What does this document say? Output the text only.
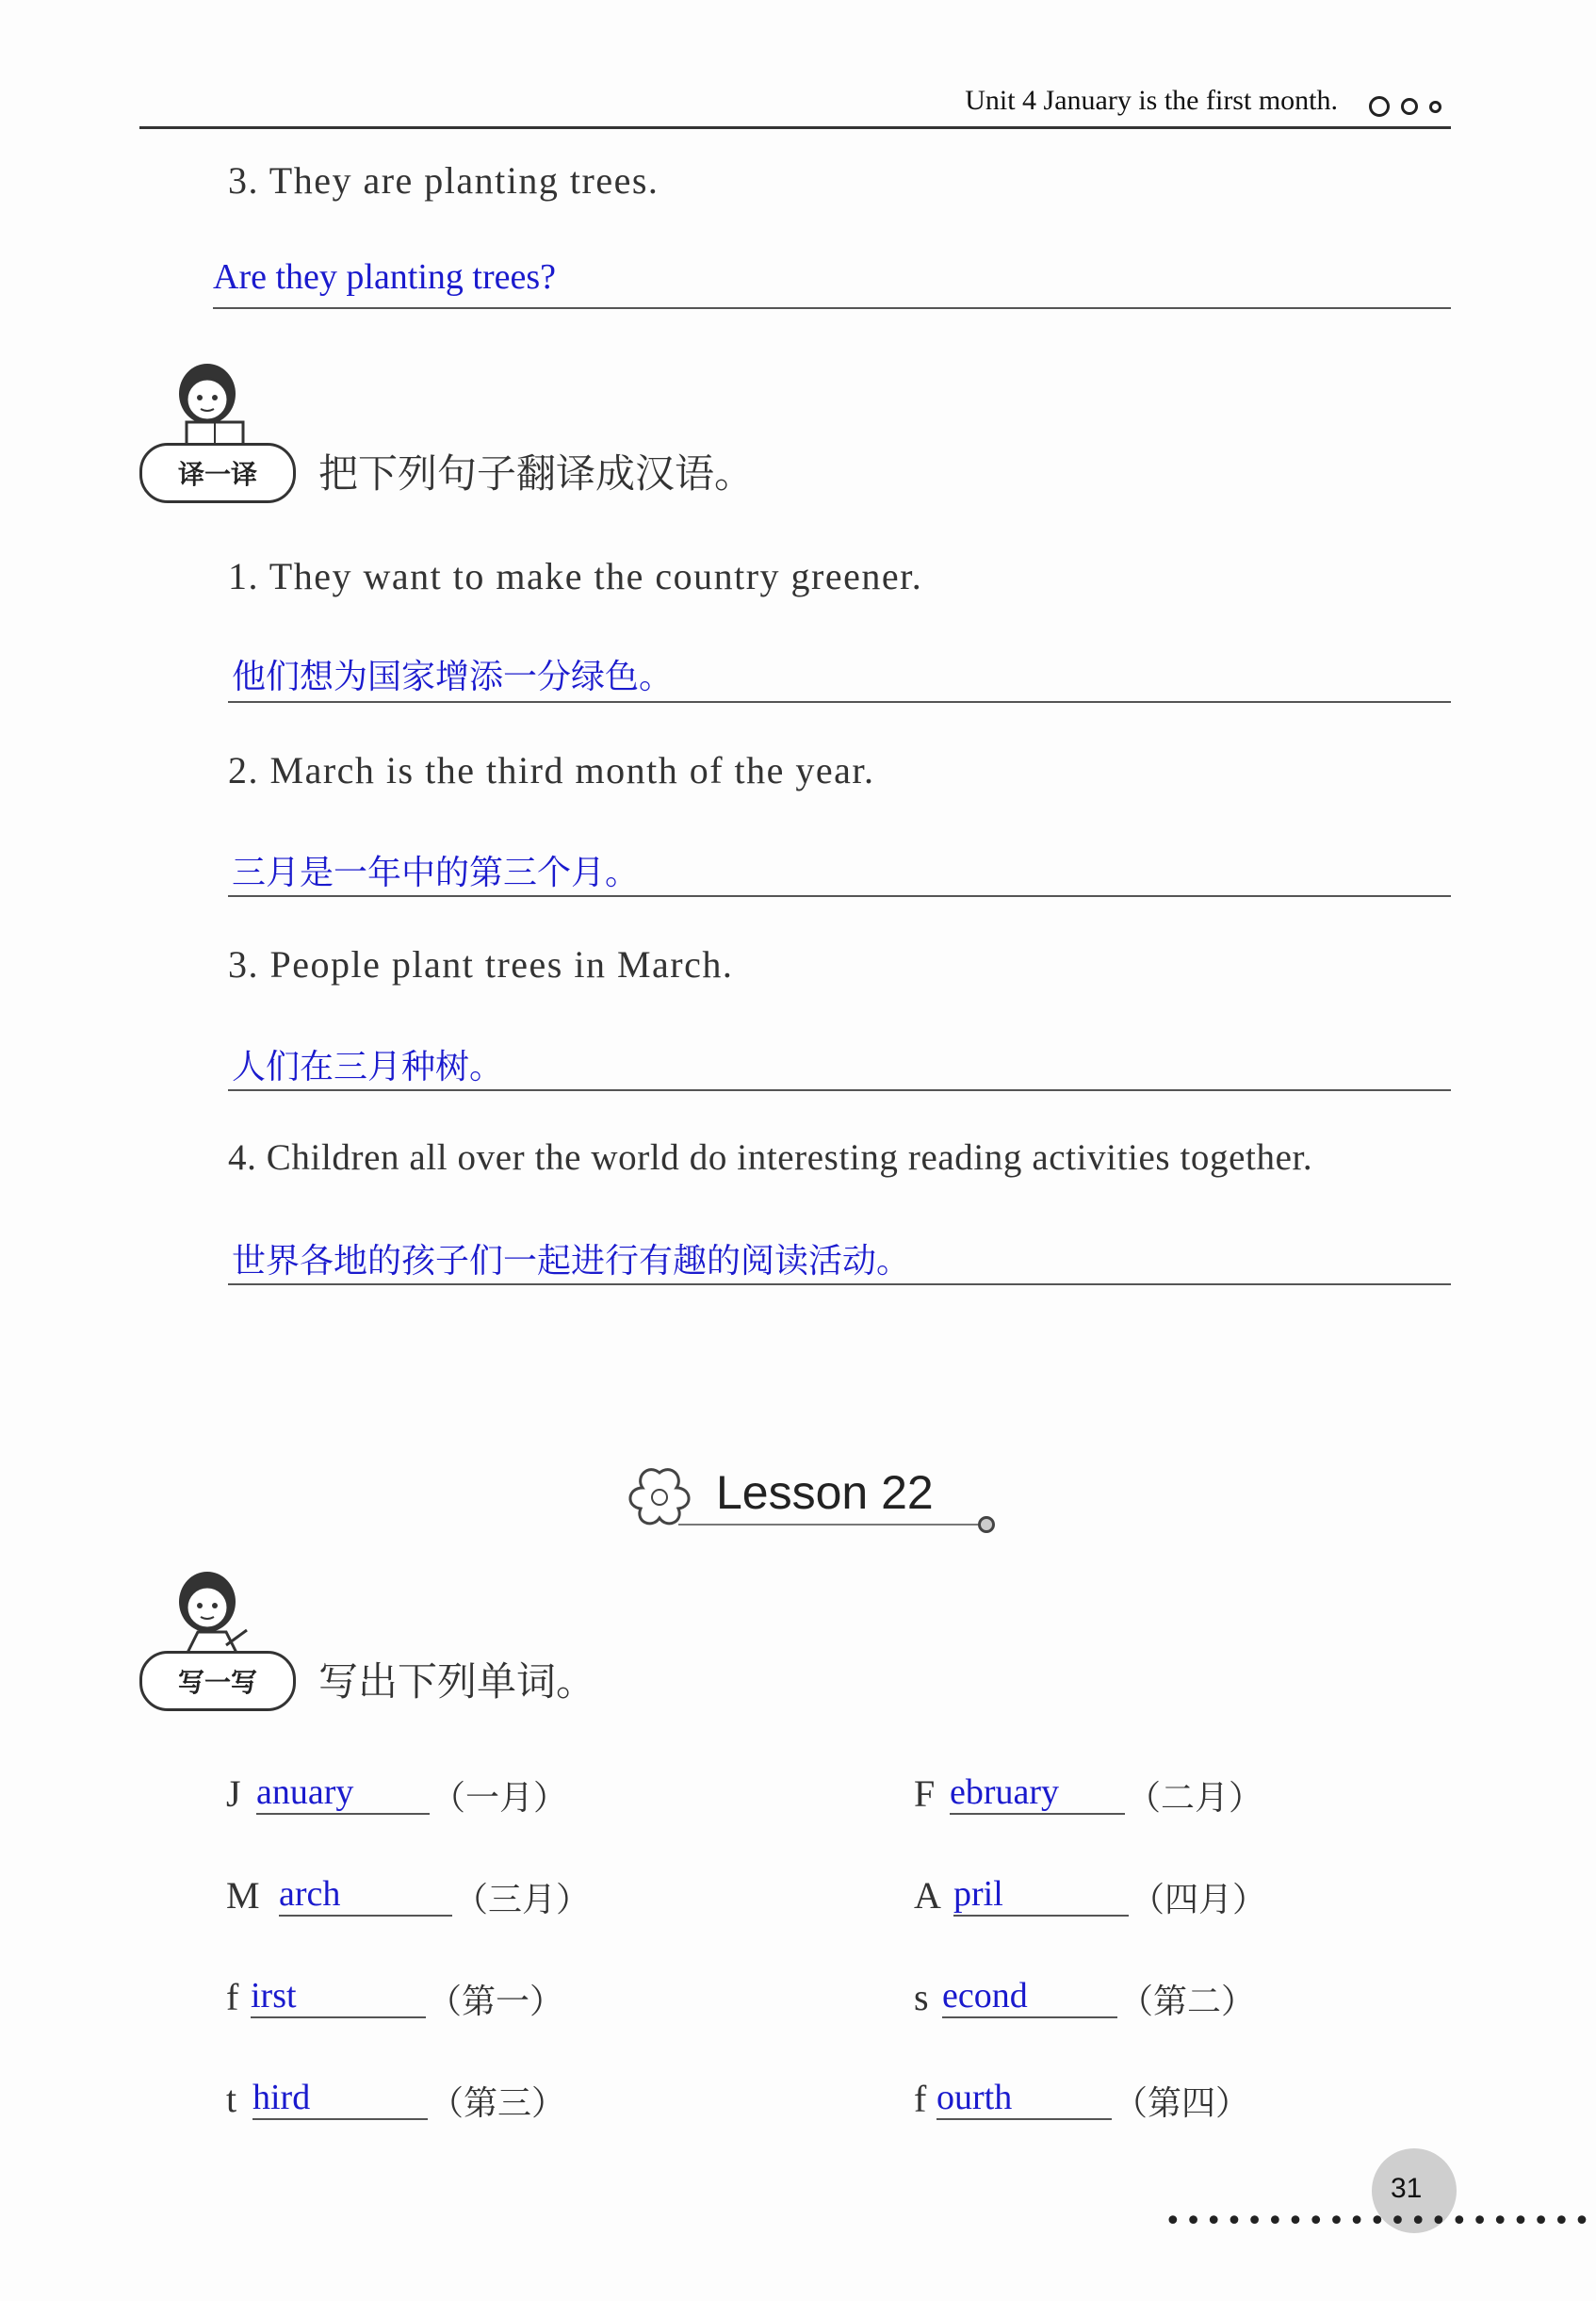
Unit 4 January is the first month.
3. They are planting trees.
Are they planting trees?
译一译	把下列句子翻译成汉语。
1. They want to make the country greener.
他们想为国家增添一分绿色。
2. March is the third month of the year.
三月是一年中的第三个月。
3. People plant trees in March.
人们在三月种树。
4. Children all over the world do interesting reading activities together.
世界各地的孩子们一起进行有趣的阅读活动。
Lesson 22
写一写	写出下列单词。
J anuary	（一月）	F ebruary	（二月）
M arch	（三月）	A pril	（四月）
f irst	（第一）	s econd	（第二）
t hird	（第三）	f ourth	（第四）
31
•••••••••••••• •••••••
